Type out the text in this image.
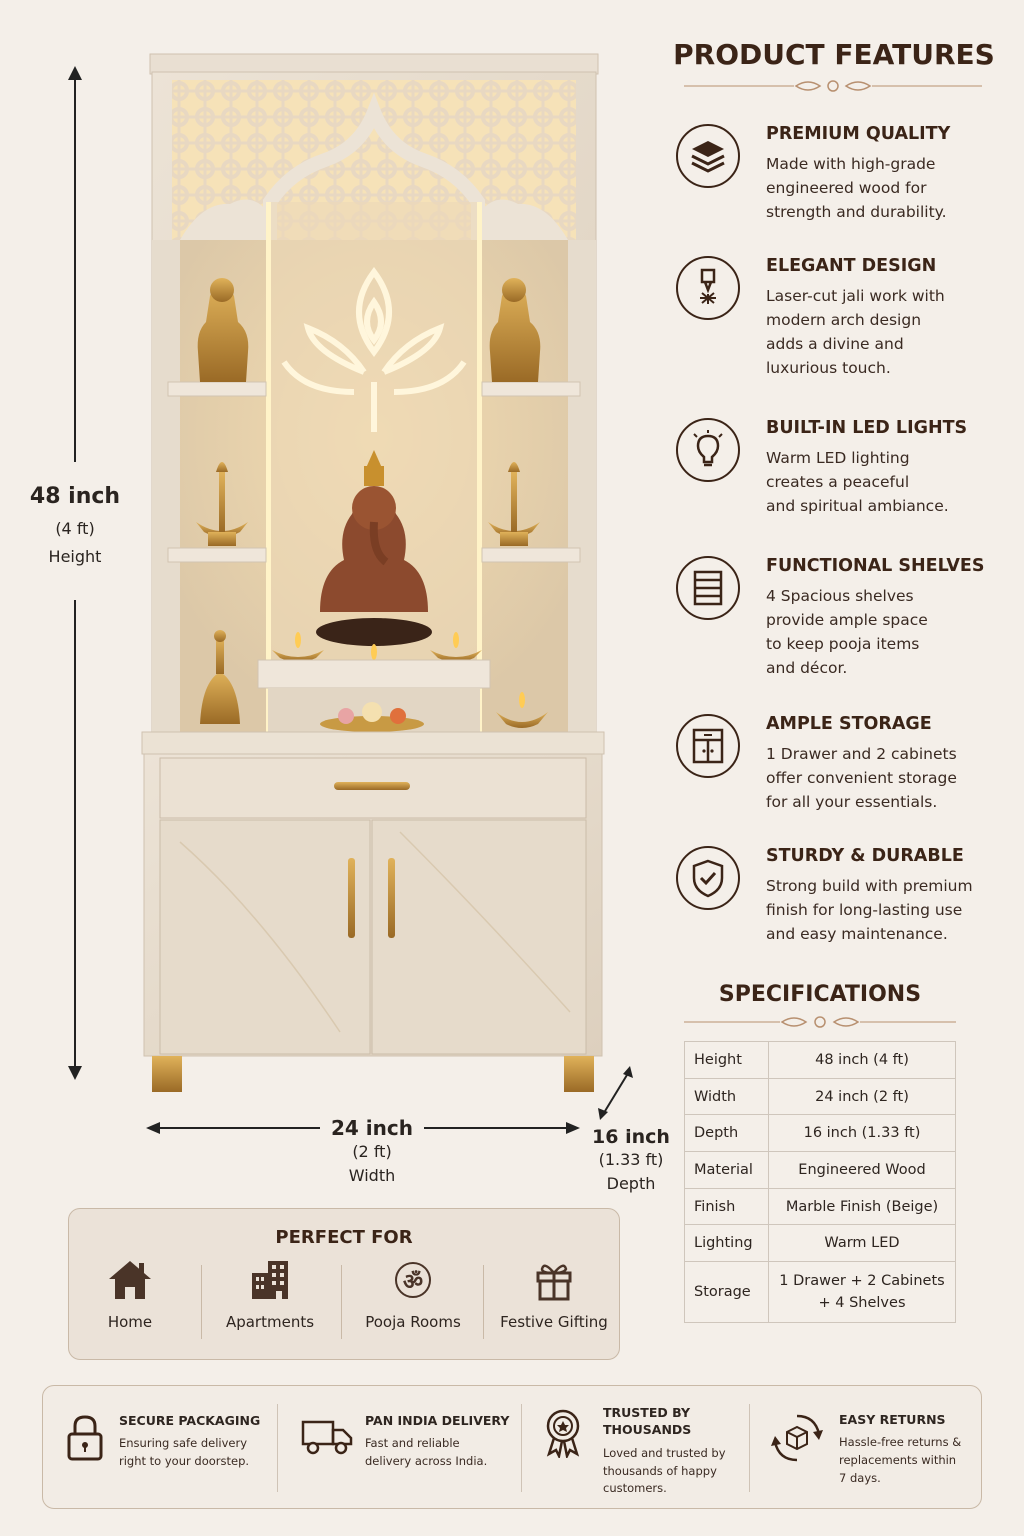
48 inch
(4 ft)
Height
24 inch
(2 ft)
Width
16 inch
(1.33 ft)
Depth
PRODUCT FEATURES
PREMIUM QUALITY

Made with high-grade
engineered wood for
strength and durability.

ELEGANT DESIGN

Laser-cut jali work with
modern arch design
adds a divine and
luxurious touch.

BUILT-IN LED LIGHTS

Warm LED lighting
creates a peaceful
and spiritual ambiance.

FUNCTIONAL SHELVES

4 Spacious shelves
provide ample space
to keep pooja items
and décor.

AMPLE STORAGE

1 Drawer and 2 cabinets
offer convenient storage
for all your essentials.

STURDY & DURABLE

Strong build with premium
finish for long-lasting use
and easy maintenance.

SPECIFICATIONS
Height	48 inch (4 ft)
Width	24 inch (2 ft)
Depth	16 inch (1.33 ft)
Material	Engineered Wood
Finish	Marble Finish (Beige)
Lighting	Warm LED
Storage	1 Drawer + 2 Cabinets
+ 4 Shelves
PERFECT FOR
Home	Apartments
ॐ
Pooja Rooms	Festive Gifting
SECURE PACKAGING

Ensuring safe delivery
right to your doorstep.

PAN INDIA DELIVERY

Fast and reliable
delivery across India.

TRUSTED BY
THOUSANDS

Loved and trusted by
thousands of happy
customers.

EASY RETURNS

Hassle-free returns &
replacements within
7 days.
